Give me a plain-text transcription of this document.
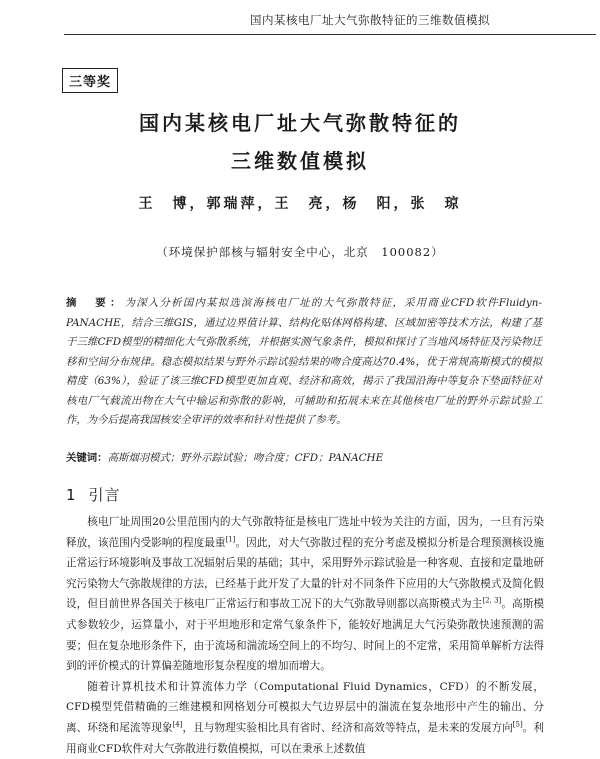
国内某核电厂址大气弥散特征的三维数值模拟
三等奖
国内某核电厂址大气弥散特征的
三维数值模拟
王　博，郭瑞萍，王　亮，杨　阳，张　琼
（环境保护部核与辐射安全中心，北京　100082）
摘　要：为深入分析国内某拟选滨海核电厂址的大气弥散特征，采用商业CFD软件Fluidyn-PANACHE，结合三维GIS，通过边界值计算、结构化贴体网格构建、区域加密等技术方法，构建了基于三维CFD模型的精细化大气弥散系统，并根据实测气象条件，模拟和探讨了当地风场特征及污染物迁移和空间分布规律。稳态模拟结果与野外示踪试验结果的吻合度高达70.4%，优于常规高斯模式的模拟精度（63%），验证了该三维CFD模型更加直观、经济和高效，揭示了我国沿海中等复杂下垫面特征对核电厂气载流出物在大气中输运和弥散的影响，可辅助和拓展未来在其他核电厂址的野外示踪试验工作，为今后提高我国核安全审评的效率和针对性提供了参考。
关键词：高斯烟羽模式；野外示踪试验；吻合度；CFD；PANACHE
1 引言

核电厂址周围20公里范围内的大气弥散特征是核电厂选址中较为关注的方面，因为，一旦有污染释放，该范围内受影响的程度最重[1]。因此，对大气弥散过程的充分考虑及模拟分析是合理预测核设施正常运行环境影响及事故工况辐射后果的基础；其中，采用野外示踪试验是一种客观、直接和定量地研究污染物大气弥散规律的方法，已经基于此开发了大量的针对不同条件下应用的大气弥散模式及简化假设，但目前世界各国关于核电厂正常运行和事故工况下的大气弥散导则都以高斯模式为主[2, 3]。高斯模式参数较少，运算量小，对于平坦地形和定常气象条件下，能较好地满足大气污染弥散快速预测的需要；但在复杂地形条件下，由于流场和湍流场空间上的不均匀、时间上的不定常，采用简单解析方法得到的评价模式的计算偏差随地形复杂程度的增加而增大。

随着计算机技术和计算流体力学（Computational Fluid Dynamics，CFD）的不断发展，CFD模型凭借精确的三维建模和网格划分可模拟大气边界层中的湍流在复杂地形中产生的输出、分离、环绕和尾流等现象[4]，且与物理实验相比具有省时、经济和高效等特点，是未来的发展方向[5]。利用商业CFD软件对大气弥散进行数值模拟，可以在秉承上述数值
